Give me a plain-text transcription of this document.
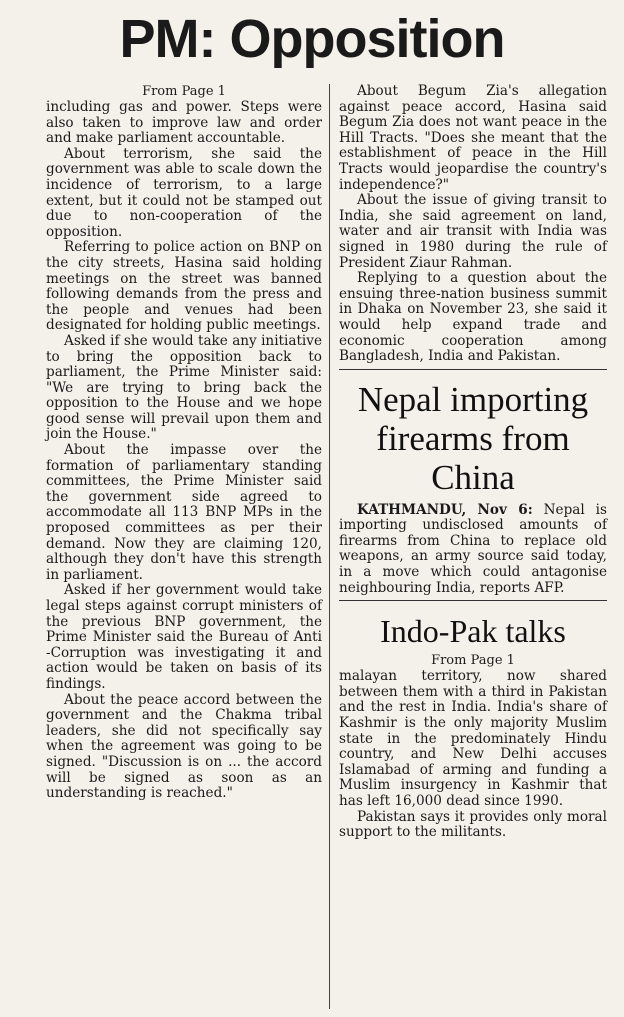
PM: Opposition
From Page 1

including gas and power. Steps were also taken to improve law and order and make parliament accountable.

About terrorism, she said the government was able to scale down the incidence of terrorism, to a large extent, but it could not be stamped out due to non-cooperation of the opposition.

Referring to police action on BNP on the city streets, Hasina said holding meetings on the street was banned following demands from the press and the people and venues had been designated for holding public meetings.

Asked if she would take any initiative to bring the opposition back to parliament, the Prime Minister said: "We are trying to bring back the opposition to the House and we hope good sense will prevail upon them and join the House."

About the impasse over the formation of parliamentary standing committees, the Prime Minister said the government side agreed to accommodate all 113 BNP MPs in the proposed committees as per their demand. Now they are claiming 120, although they don't have this strength in parliament.

Asked if her government would take legal steps against corrupt ministers of the previous BNP government, the Prime Minister said the Bureau of Anti -Corruption was investigating it and action would be taken on basis of its findings.

About the peace accord between the government and the Chakma tribal leaders, she did not specifically say when the agreement was going to be signed. "Discussion is on ... the accord will be signed as soon as an understanding is reached."

About Begum Zia's allegation against peace accord, Hasina said Begum Zia does not want peace in the Hill Tracts. "Does she meant that the establishment of peace in the Hill Tracts would jeopardise the country's independence?"

About the issue of giving transit to India, she said agreement on land, water and air transit with India was signed in 1980 during the rule of President Ziaur Rahman.

Replying to a question about the ensuing three-nation business summit in Dhaka on November 23, she said it would help expand trade and economic cooperation among Bangladesh, India and Pakistan.

Nepal importing firearms from China

KATHMANDU, Nov 6: Nepal is importing undisclosed amounts of firearms from China to replace old weapons, an army source said today, in a move which could antagonise neighbouring India, reports AFP.

Indo-Pak talks
From Page 1

malayan territory, now shared between them with a third in Pakistan and the rest in India. India's share of Kashmir is the only majority Muslim state in the predominately Hindu country, and New Delhi accuses Islamabad of arming and funding a Muslim insurgency in Kashmir that has left 16,000 dead since 1990.

Pakistan says it provides only moral support to the militants.
